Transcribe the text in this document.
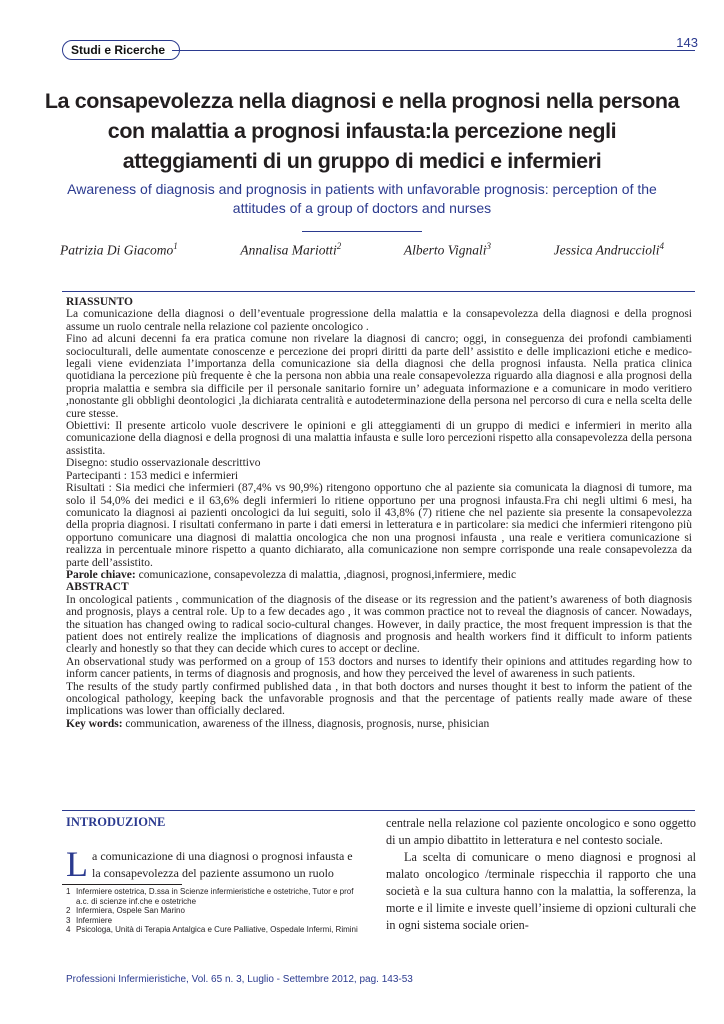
Studi e Ricerche	143
La consapevolezza nella diagnosi e nella prognosi nella persona con malattia a prognosi infausta:la percezione negli atteggiamenti di un gruppo di medici e infermieri
Awareness of diagnosis and prognosis in patients with unfavorable prognosis: perception of the attitudes of a group of doctors and nurses
Patrizia Di Giacomo$^1$	Annalisa Mariotti$^2$	Alberto Vignali$^3$	Jessica Andruccioli$^4$

RIASSUNTO

La comunicazione della diagnosi o dell’eventuale progressione della malattia e la consapevolezza della diagnosi e della prognosi assume un ruolo centrale nella relazione col paziente oncologico .

Fino ad alcuni decenni fa era pratica comune non rivelare la diagnosi di cancro; oggi, in conseguenza dei profondi cambiamenti socioculturali, delle aumentate conoscenze e percezione dei propri diritti da parte dell’ assistito e delle implicazioni etiche e medico-legali viene evidenziata l’importanza della comunicazione sia della diagnosi che della prognosi infausta. Nella pratica clinica quotidiana la percezione più frequente è che la persona non abbia una reale consapevolezza riguardo alla diagnosi e alla prognosi della propria malattia e sembra sia difficile per il personale sanitario fornire un’ adeguata informazione e a comunicare in modo veritiero ,nonostante gli obblighi deontologici ,la dichiarata centralità e autodeterminazione della persona nel percorso di cura e nella scelta delle cure stesse.

Obiettivi: Il presente articolo vuole descrivere le opinioni e gli atteggiamenti di un gruppo di medici e infermieri in merito alla comunicazione della diagnosi e della prognosi di una malattia infausta e sulle loro percezioni rispetto alla consapevolezza della persona assistita.

Disegno: studio osservazionale descrittivo

Partecipanti : 153 medici e infermieri

Risultati : Sia medici che infermieri (87,4% vs 90,9%) ritengono opportuno che al paziente sia comunicata la diagnosi di tumore, ma solo il 54,0% dei medici e il 63,6% degli infermieri lo ritiene opportuno per una prognosi infausta.Fra chi negli ultimi 6 mesi, ha comunicato la diagnosi ai pazienti oncologici da lui seguiti, solo il 43,8% (7) ritiene che nel paziente sia presente la consapevolezza della propria diagnosi. I risultati confermano in parte i dati emersi in letteratura e in particolare: sia medici che infermieri ritengono più opportuno comunicare una diagnosi di malattia oncologica che non una prognosi infausta , una reale e veritiera comunicazione si realizza in percentuale minore rispetto a quanto dichiarato, alla comunicazione non sempre corrisponde una reale consapevolezza da parte dell’assistito.

Parole chiave: comunicazione, consapevolezza di malattia, ,diagnosi, prognosi,infermiere, medic

ABSTRACT

In oncological patients , communication of the diagnosis of the disease or its regression and the patient’s awareness of both diagnosis and prognosis, plays a central role. Up to a few decades ago , it was common practice not to reveal the diagnosis of cancer. Nowadays, the situation has changed owing to radical socio-cultural changes. However, in daily practice, the most frequent impression is that the patient does not entirely realize the implications of diagnosis and prognosis and health workers find it difficult to inform patients clearly and honestly so that they can decide which cures to accept or decline.

An observational study was performed on a group of 153 doctors and nurses to identify their opinions and attitudes regarding how to inform cancer patients, in terms of diagnosis and prognosis, and how they perceived the level of awareness in such patients.

The results of the study partly confirmed published data , in that both doctors and nurses thought it best to inform the patient of the oncological pathology, keeping back the unfavorable prognosis and that the percentage of patients really made aware of these implications was lower than officially declared.

Key words: communication, awareness of the illness, diagnosis, prognosis, nurse, phisician

INTRODUZIONE
La comunicazione di una diagnosi o prognosi infausta e la consapevolezza del paziente assumono un ruolo
1 Infermiere ostetrica, D.ssa in Scienze infermieristiche e ostetriche, Tutor e prof a.c. di scienze inf.che e ostetriche
2 Infermiera, Ospele San Marino
3 Infermiere
4 Psicologa, Unità di Terapia Antalgica e Cure Palliative, Ospedale Infermi, Rimini

centrale nella relazione col paziente oncologico e sono oggetto di un ampio dibattito in letteratura e nel contesto sociale.

La scelta di comunicare o meno diagnosi e prognosi al malato oncologico /terminale rispecchia il rapporto che una società e la sua cultura hanno con la malattia, la sofferenza, la morte e il limite e investe quell’insieme di opzioni culturali che in ogni sistema sociale orien-

Professioni Infermieristiche, Vol. 65 n. 3, Luglio - Settembre 2012, pag. 143-53
